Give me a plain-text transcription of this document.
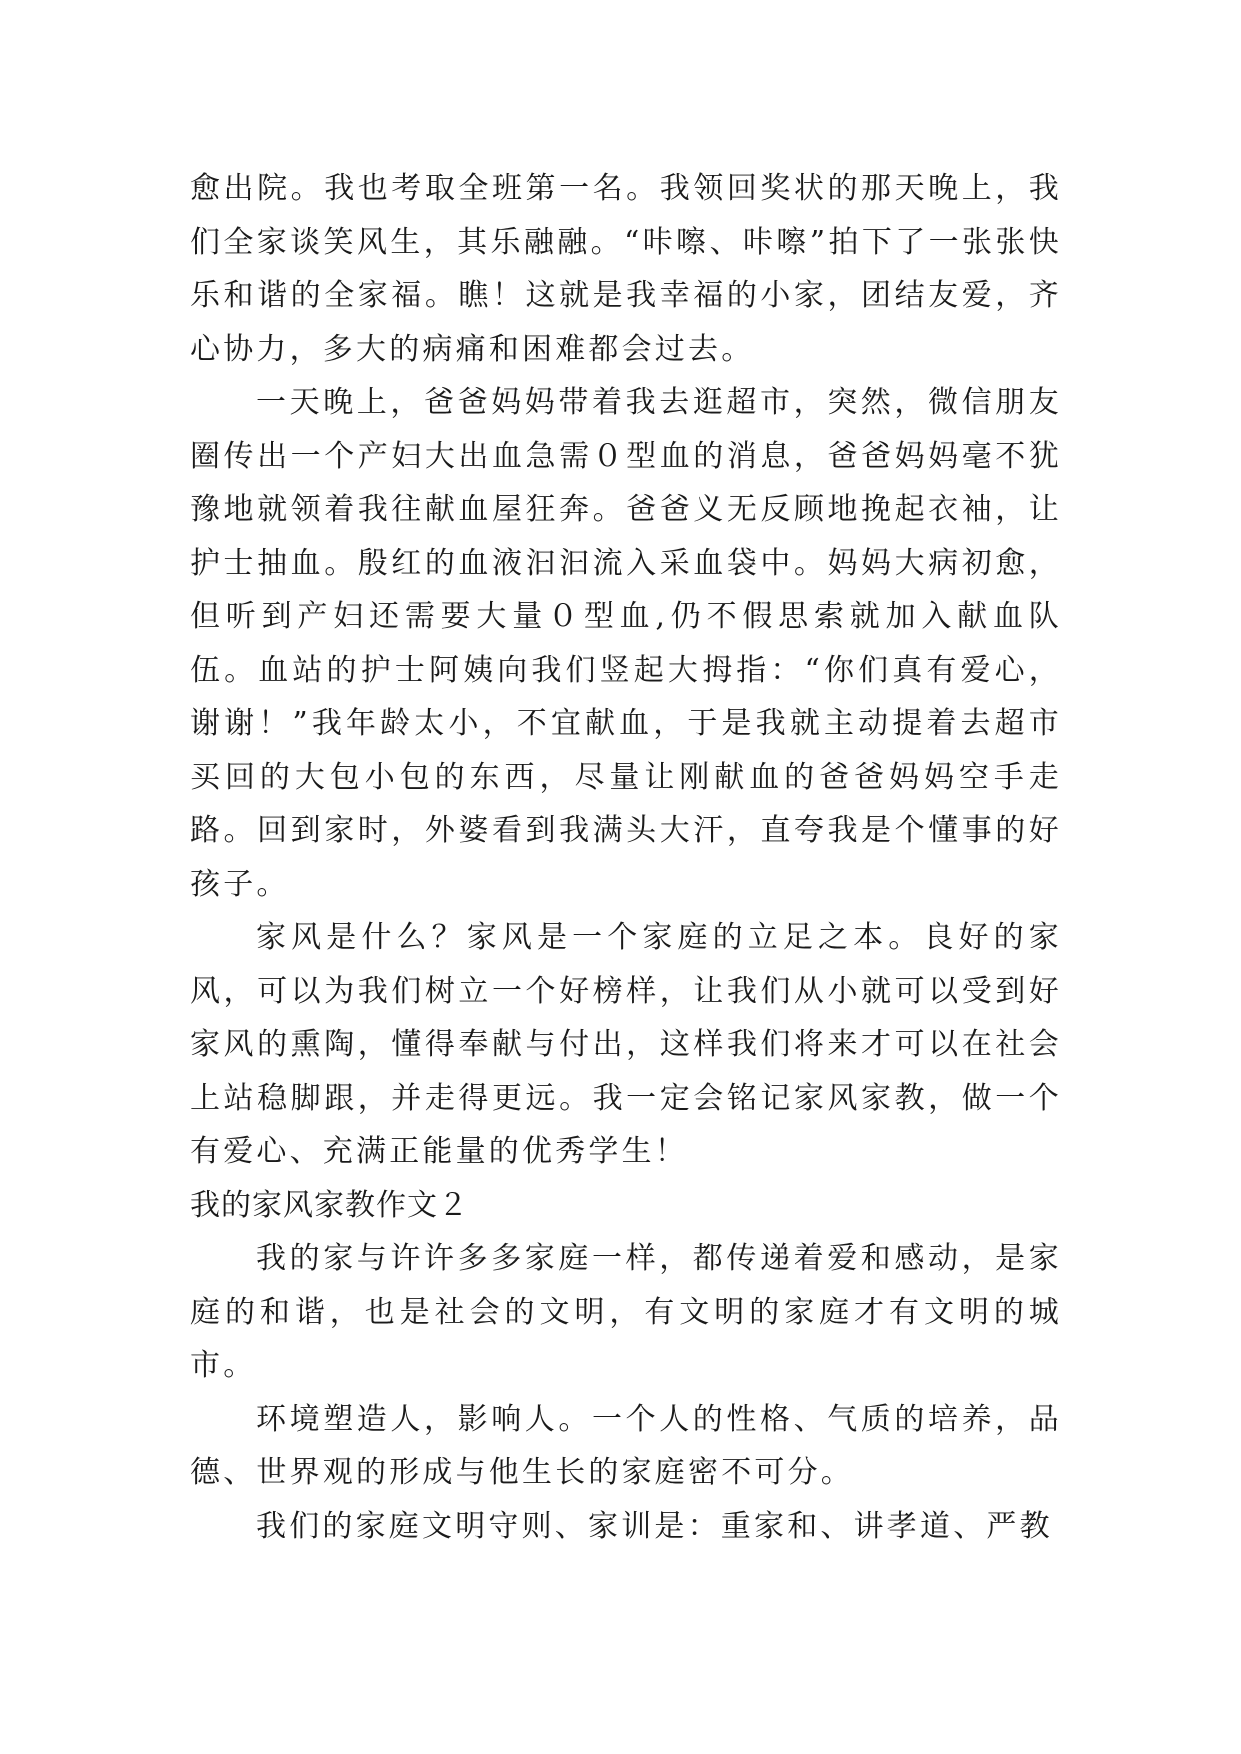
愈出院。我也考取全班第一名。我领回奖状的那天晚上，我们全家谈笑风生，其乐融融。“咔嚓、咔嚓”拍下了一张张快乐和谐的全家福。瞧！这就是我幸福的小家，团结友爱，齐心协力，多大的病痛和困难都会过去。

一天晚上，爸爸妈妈带着我去逛超市，突然，微信朋友圈传出一个产妇大出血急需０型血的消息，爸爸妈妈毫不犹豫地就领着我往献血屋狂奔。爸爸义无反顾地挽起衣袖，让护士抽血。殷红的血液汩汩流入采血袋中。妈妈大病初愈，但听到产妇还需要大量０型血,仍不假思索就加入献血队伍。血站的护士阿姨向我们竖起大拇指：“你们真有爱心，谢谢！”我年龄太小，不宜献血，于是我就主动提着去超市买回的大包小包的东西，尽量让刚献血的爸爸妈妈空手走路。回到家时，外婆看到我满头大汗，直夸我是个懂事的好孩子。

家风是什么？家风是一个家庭的立足之本。良好的家风，可以为我们树立一个好榜样，让我们从小就可以受到好家风的熏陶，懂得奉献与付出，这样我们将来才可以在社会上站稳脚跟，并走得更远。我一定会铭记家风家教，做一个有爱心、充满正能量的优秀学生！

我的家风家教作文２

我的家与许许多多家庭一样，都传递着爱和感动，是家庭的和谐，也是社会的文明，有文明的家庭才有文明的城市。

环境塑造人，影响人。一个人的性格、气质的培养，品德、世界观的形成与他生长的家庭密不可分。

我们的家庭文明守则、家训是：重家和、讲孝道、严教
